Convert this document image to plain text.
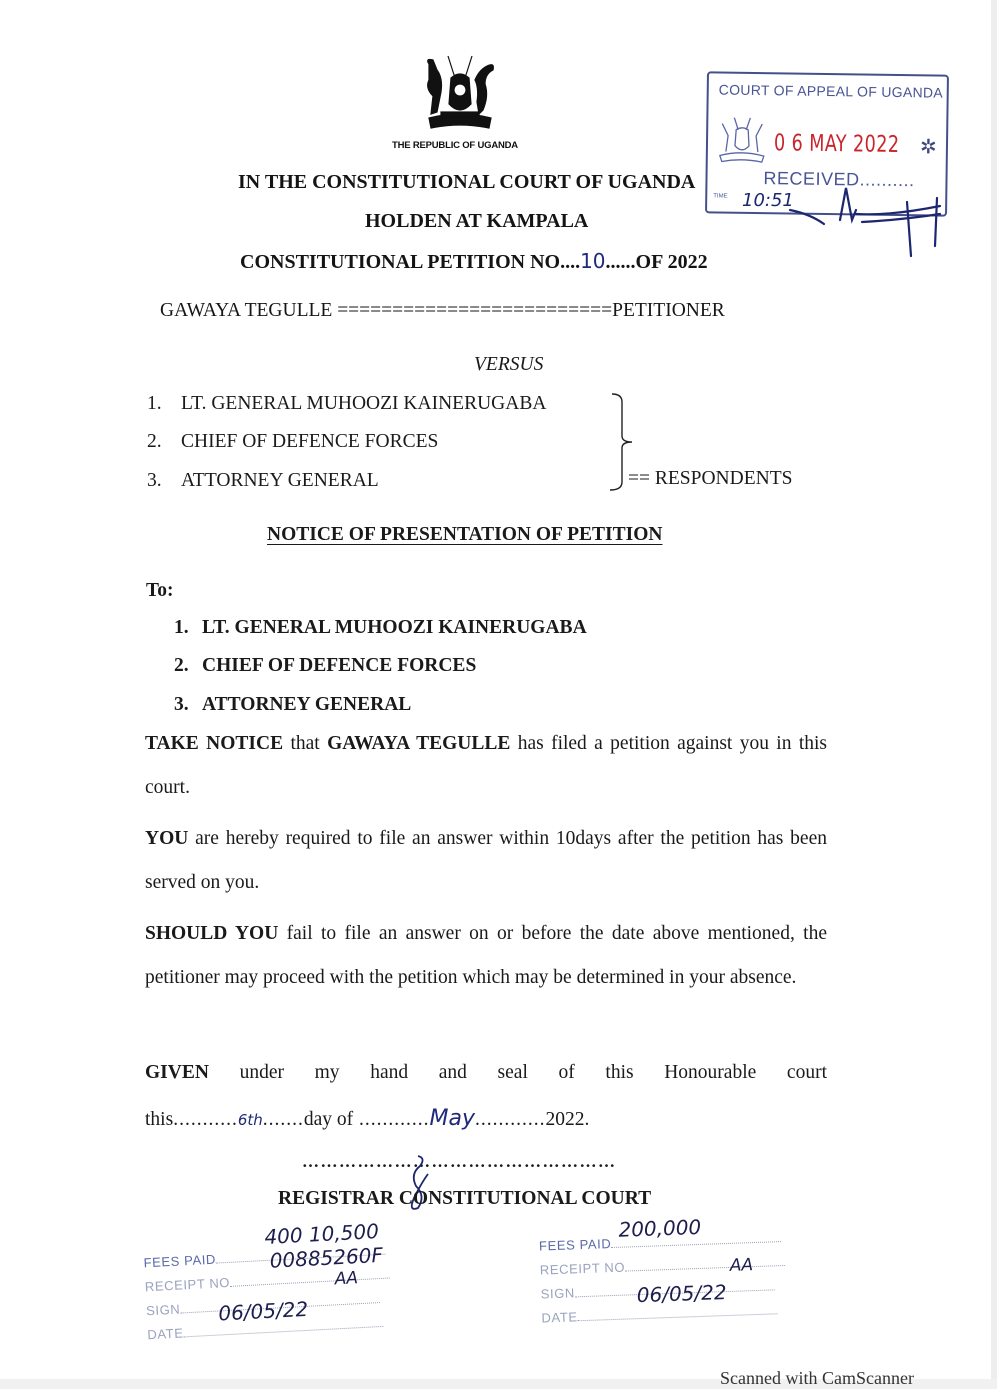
THE REPUBLIC OF UGANDA
IN THE CONSTITUTIONAL COURT OF UGANDA
HOLDEN AT KAMPALA
CONSTITUTIONAL PETITION NO....10......OF 2022
COURT OF APPEAL OF UGANDA
0 6 MAY 2022 ✲
RECEIVED..........
TIME 10:51
GAWAYA TEGULLE =========================PETITIONER
VERSUS
1. LT. GENERAL MUHOOZI KAINERUGABA
2. CHIEF OF DEFENCE FORCES
3. ATTORNEY GENERAL	== RESPONDENTS
NOTICE OF PRESENTATION OF PETITION
To:
1. LT. GENERAL MUHOOZI KAINERUGABA
2. CHIEF OF DEFENCE FORCES
3. ATTORNEY GENERAL
TAKE NOTICE that GAWAYA TEGULLE has filed a petition against you in this court.
YOU are hereby required to file an answer within 10days after the petition has been served on you.
SHOULD YOU fail to file an answer on or before the date above mentioned, the petitioner may proceed with the petition which may be determined in your absence.
GIVEN under my hand and seal of this Honourable court
this...........6th.......day of ............May............2022.
……………………………………………
REGISTRAR CONSTITUTIONAL COURT
FEES PAID
RECEIPT NO
SIGN
DATE
400 10,500
00885260F
AA
06/05/22
FEES PAID
RECEIPT NO
SIGN
DATE
200,000
AA
06/05/22
Scanned with CamScanner
